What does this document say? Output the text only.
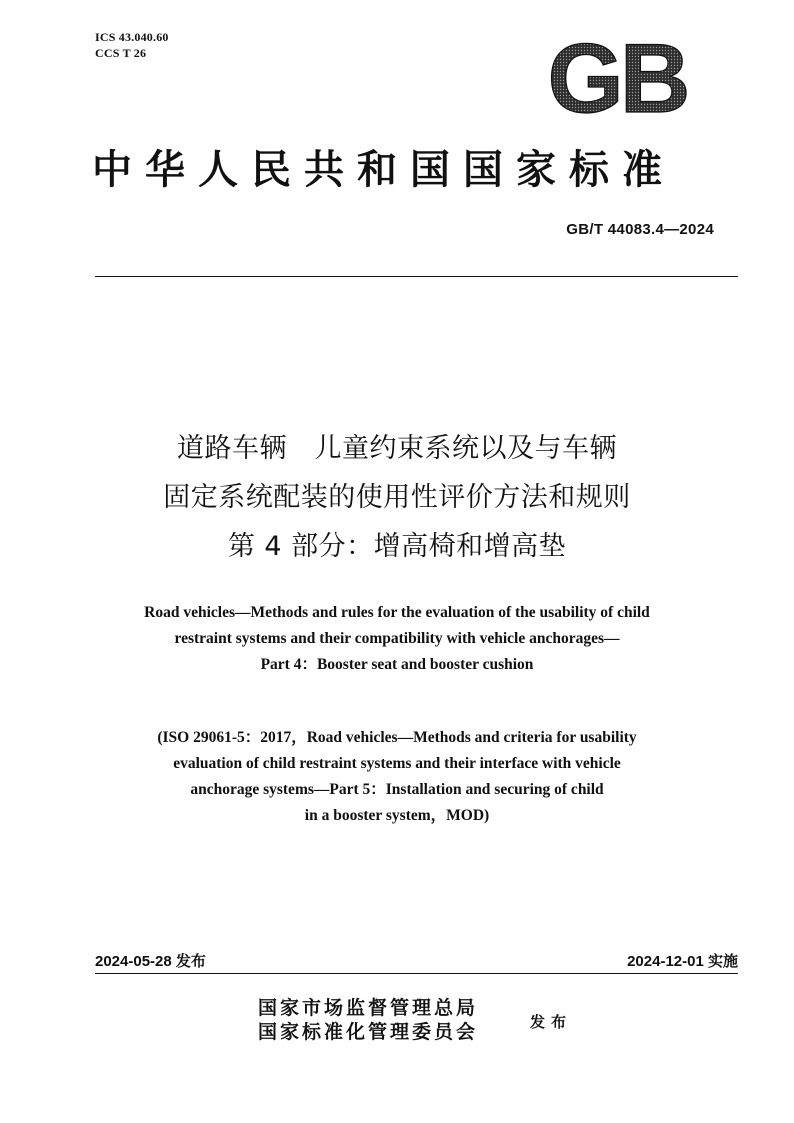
ICS 43.040.60
CCS T 26	GB
中华人民共和国国家标准
GB/T 44083.4—2024
道路车辆　儿童约束系统以及与车辆
固定系统配装的使用性评价方法和规则
第 4 部分：增高椅和增高垫
Road vehicles—Methods and rules for the evaluation of the usability of child
restraint systems and their compatibility with vehicle anchorages—
Part 4：Booster seat and booster cushion
(ISO 29061-5：2017，Road vehicles—Methods and criteria for usability
evaluation of child restraint systems and their interface with vehicle
anchorage systems—Part 5：Installation and securing of child
in a booster system，MOD)
2024-05-28 发布	2024-12-01 实施
国家市场监督管理总局
国家标准化管理委员会	发布
